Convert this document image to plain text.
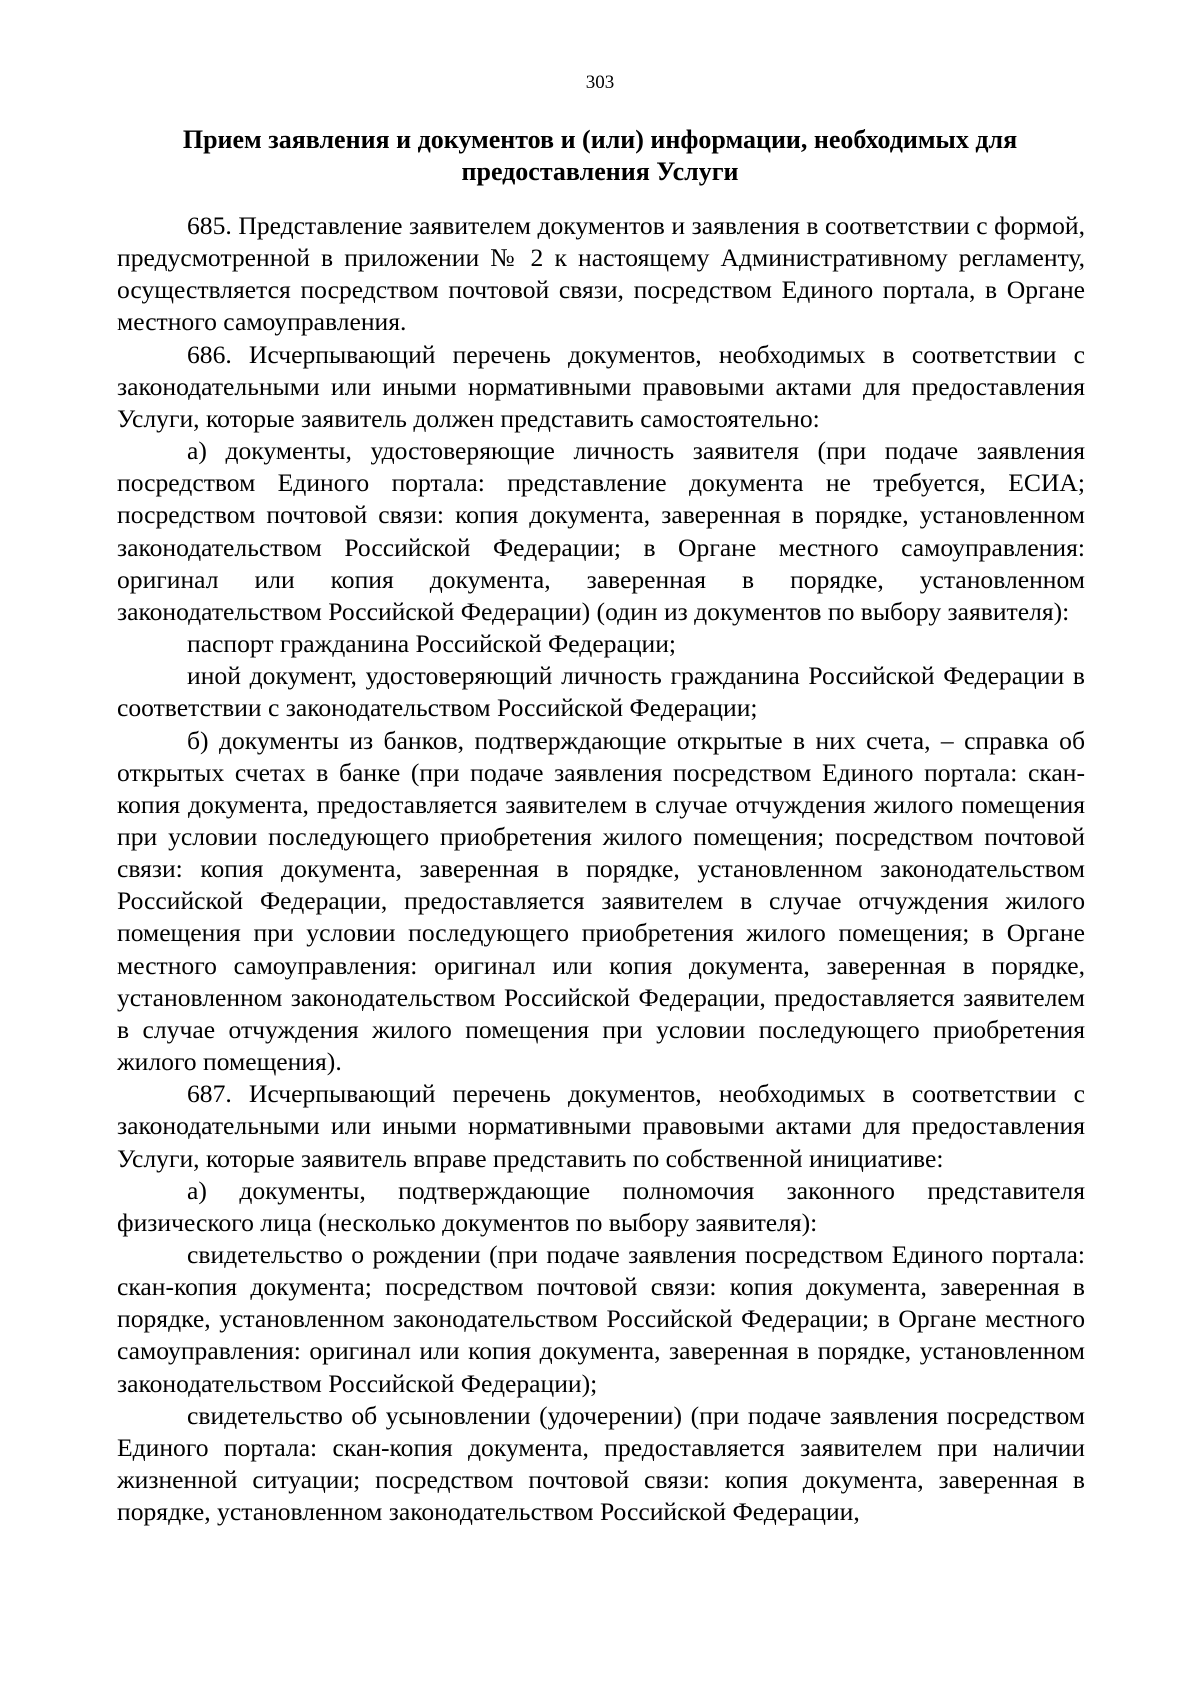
303
Прием заявления и документов и (или) информации, необходимых для предоставления Услуги

685. Представление заявителем документов и заявления в соответствии с формой, предусмотренной в приложении № 2 к настоящему Административному регламенту, осуществляется посредством почтовой связи, посредством Единого портала, в Органе местного самоуправления.

686. Исчерпывающий перечень документов, необходимых в соответствии с законодательными или иными нормативными правовыми актами для предоставления Услуги, которые заявитель должен представить самостоятельно:

а) документы, удостоверяющие личность заявителя (при подаче заявления посредством Единого портала: представление документа не требуется, ЕСИА; посредством почтовой связи: копия документа, заверенная в порядке, установленном законодательством Российской Федерации; в Органе местного самоуправления: оригинал или копия документа, заверенная в порядке, установленном законодательством Российской Федерации) (один из документов по выбору заявителя):

паспорт гражданина Российской Федерации;

иной документ, удостоверяющий личность гражданина Российской Федерации в соответствии с законодательством Российской Федерации;

б) документы из банков, подтверждающие открытые в них счета, – справка об открытых счетах в банке (при подаче заявления посредством Единого портала: скан-копия документа, предоставляется заявителем в случае отчуждения жилого помещения при условии последующего приобретения жилого помещения; посредством почтовой связи: копия документа, заверенная в порядке, установленном законодательством Российской Федерации, предоставляется заявителем в случае отчуждения жилого помещения при условии последующего приобретения жилого помещения; в Органе местного самоуправления: оригинал или копия документа, заверенная в порядке, установленном законодательством Российской Федерации, предоставляется заявителем в случае отчуждения жилого помещения при условии последующего приобретения жилого помещения).

687. Исчерпывающий перечень документов, необходимых в соответствии с законодательными или иными нормативными правовыми актами для предоставления Услуги, которые заявитель вправе представить по собственной инициативе:

а) документы, подтверждающие полномочия законного представителя физического лица (несколько документов по выбору заявителя):

свидетельство о рождении (при подаче заявления посредством Единого портала: скан-копия документа; посредством почтовой связи: копия документа, заверенная в порядке, установленном законодательством Российской Федерации; в Органе местного самоуправления: оригинал или копия документа, заверенная в порядке, установленном законодательством Российской Федерации);

свидетельство об усыновлении (удочерении) (при подаче заявления посредством Единого портала: скан-копия документа, предоставляется заявителем при наличии жизненной ситуации; посредством почтовой связи: копия документа, заверенная в порядке, установленном законодательством Российской Федерации,
